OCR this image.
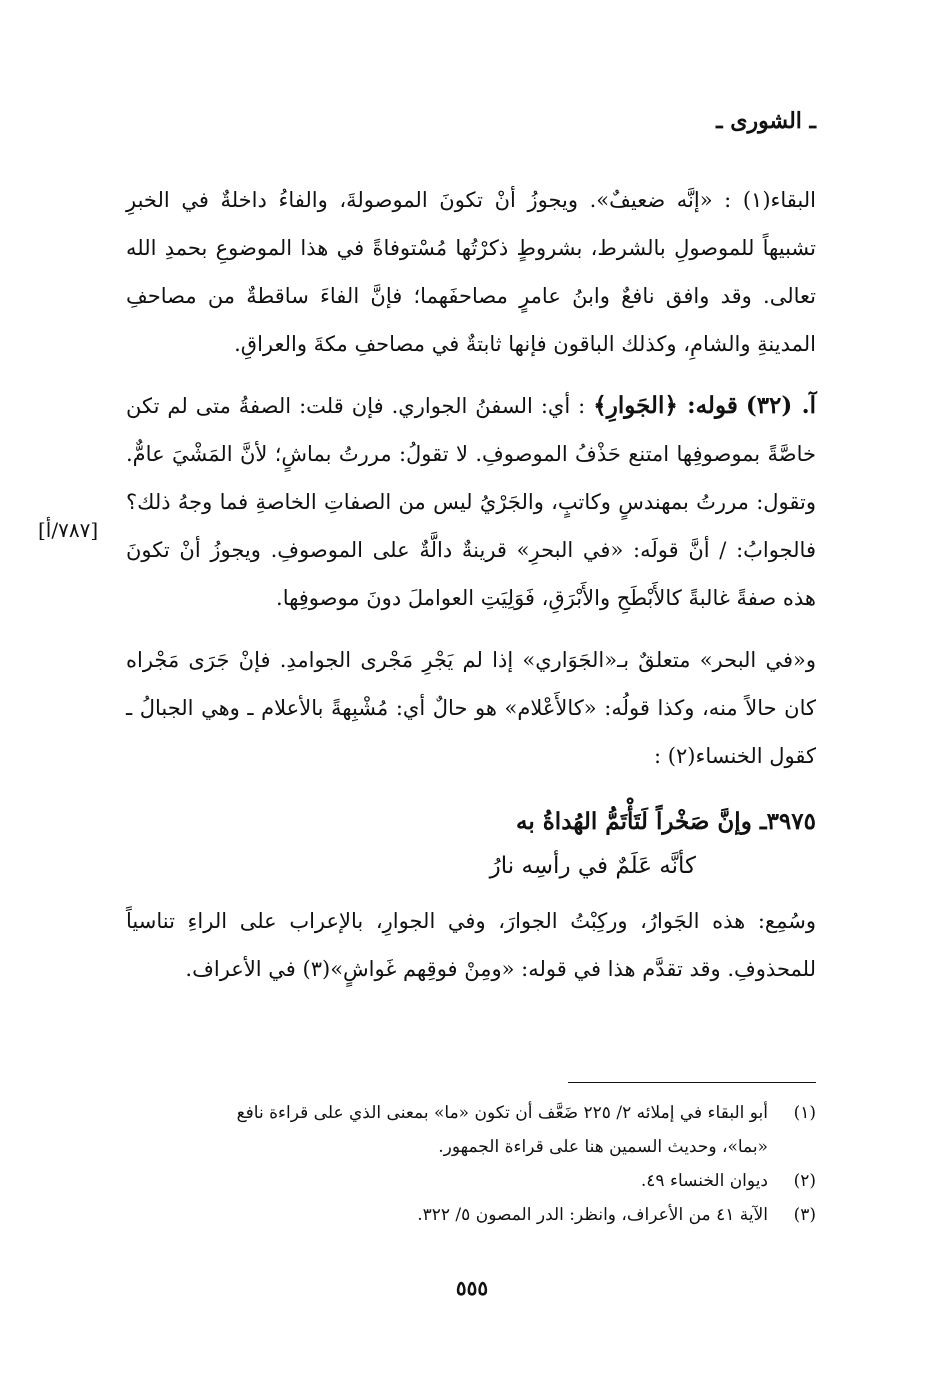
ـ الشورى ـ
[٧٨٧/أ]

البقاء(١) : «إنَّه ضعيفٌ». ويجوزُ أنْ تكونَ الموصولةَ، والفاءُ داخلةٌ في الخبرِ تشبيهاً للموصولِ بالشرط، بشروطٍ ذكرْتُها مُسْتوفاةً في هذا الموضوعِ بحمدِ الله تعالى. وقد وافق نافعٌ وابنُ عامرٍ مصاحفَهما؛ فإنَّ الفاءَ ساقطةٌ من مصاحفِ المدينةِ والشامِ، وكذلك الباقون فإنها ثابتةٌ في مصاحفِ مكةَ والعراقِ.

آ. (٣٢) قوله: ﴿الجَوارِ﴾ : أي: السفنُ الجواري. فإن قلت: الصفةُ متى لم تكن خاصَّةً بموصوفِها امتنع حَذْفُ الموصوفِ. لا تقولُ: مررتُ بماشٍ؛ لأنَّ المَشْيَ عامٌّ. وتقول: مررتُ بمهندسٍ وكاتبٍ، والجَرْيُ ليس من الصفاتِ الخاصةِ فما وجهُ ذلك؟ فالجوابُ: / أنَّ قولَه: «في البحرِ» قرينةٌ دالَّةٌ على الموصوفِ. ويجوزُ أنْ تكونَ هذه صفةً غالبةً كالأَبْطَحِ والأَبْرَقِ، فَوَلِيَتِ العواملَ دونَ موصوفِها.

و«في البحر» متعلقٌ بـ«الجَوَاري» إذا لم يَجْرِ مَجْرى الجوامدِ. فإنْ جَرَى مَجْراه كان حالاً منه، وكذا قولُه: «كالأَعْلام» هو حالٌ أي: مُشْبِهةً بالأعلام ـ وهي الجبالُ ـ كقول الخنساء(٢) :

٣٩٧٥ـ وإنَّ صَخْراً لَتَأْتَمُّ الهُداةُ به
كأنَّه عَلَمٌ في رأسِه نارُ

وسُمِع: هذه الجَوارُ، وركِبْتُ الجوارَ، وفي الجوارِ، بالإعراب على الراءِ تناسياً للمحذوفِ. وقد تقدَّم هذا في قوله: «ومِنْ فوقِهم غَواشٍ»(٣) في الأعراف.

(١)
أبو البقاء في إملائه ٢/ ٢٢٥ ضَعَّف أن تكون «ما» بمعنى الذي على قراءة نافع
«بما»، وحديث السمين هنا على قراءة الجمهور.
(٢)
ديوان الخنساء ٤٩.
(٣)
الآية ٤١ من الأعراف، وانظر: الدر المصون ٥/ ٣٢٢.
٥٥٥
